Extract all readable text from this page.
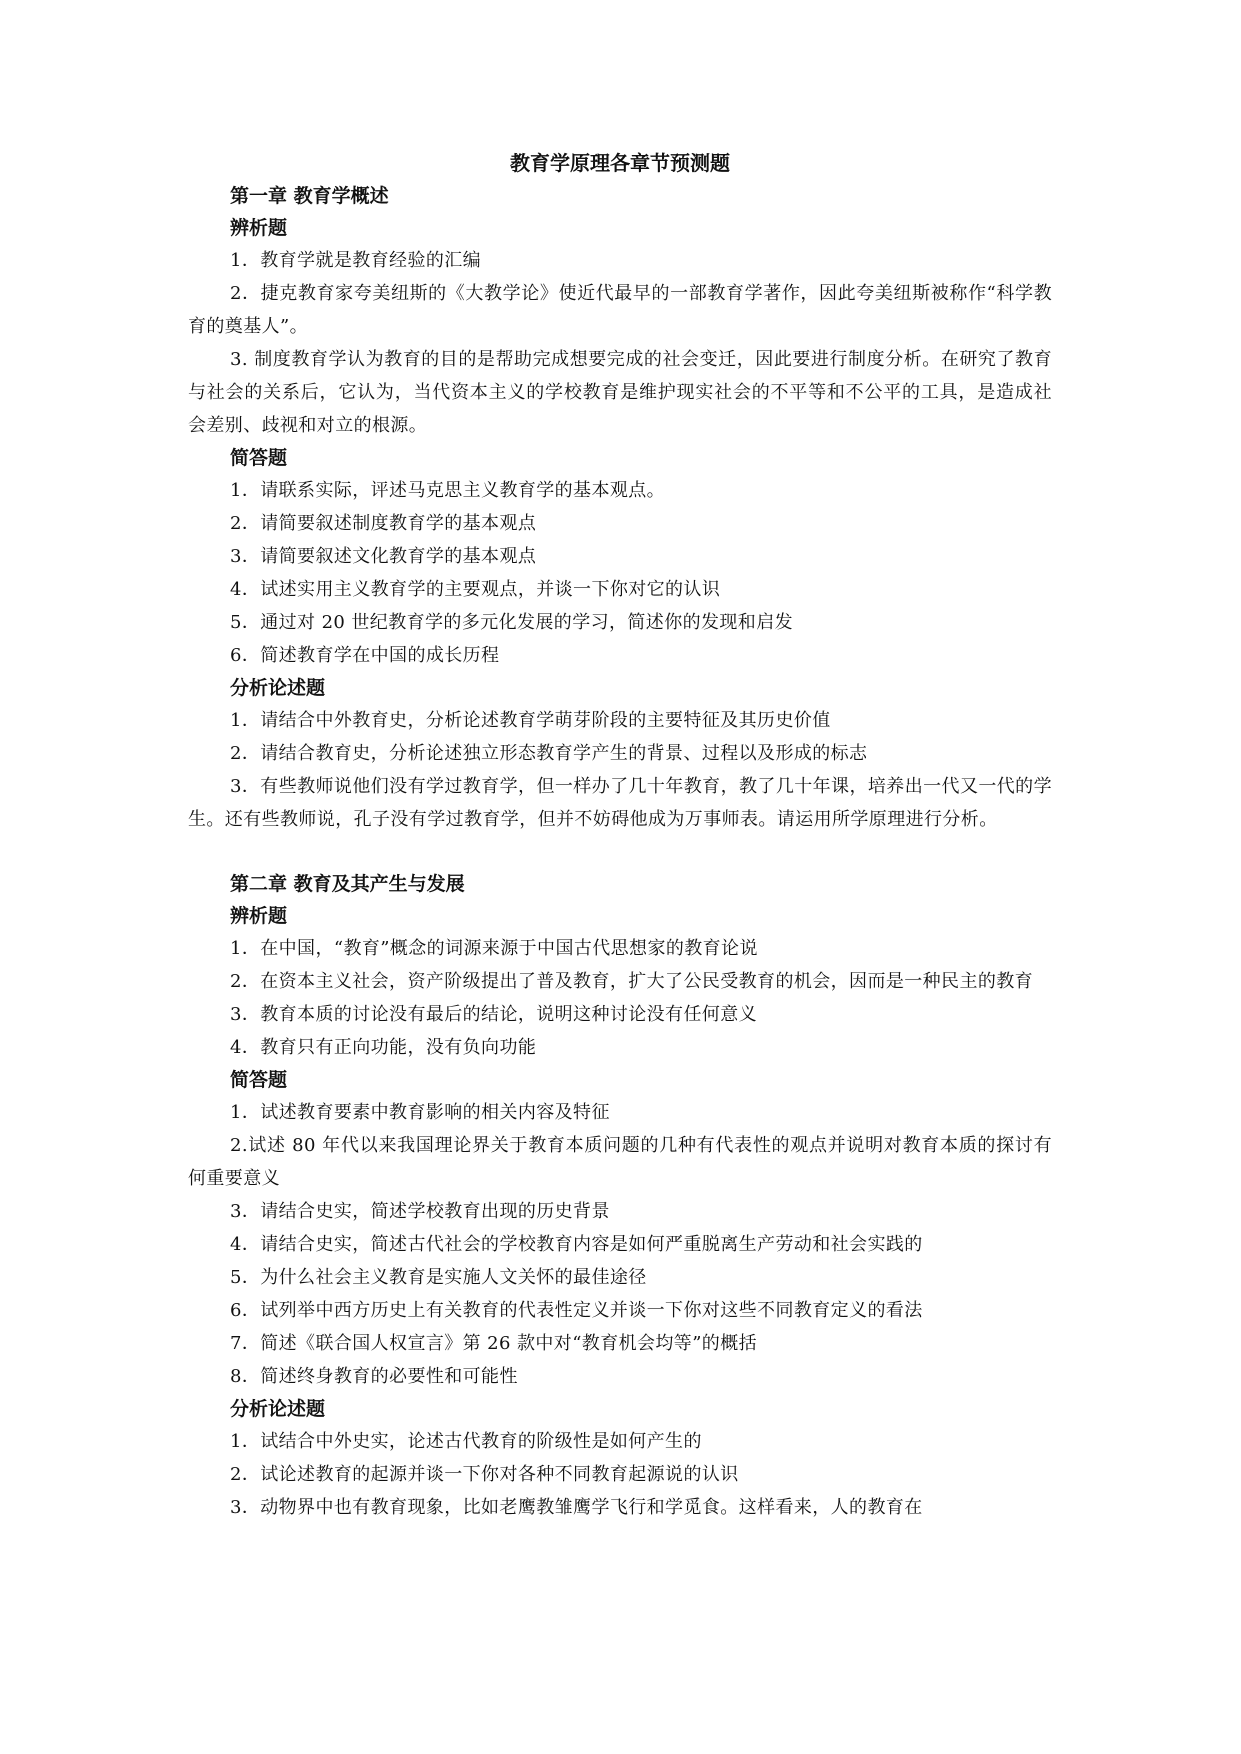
教育学原理各章节预测题
第一章 教育学概述
辨析题

1．教育学就是教育经验的汇编

2．捷克教育家夸美纽斯的《大教学论》使近代最早的一部教育学著作，因此夸美纽斯被称作“科学教育的奠基人”。

3. 制度教育学认为教育的目的是帮助完成想要完成的社会变迁，因此要进行制度分析。在研究了教育与社会的关系后，它认为，当代资本主义的学校教育是维护现实社会的不平等和不公平的工具，是造成社会差别、歧视和对立的根源。

简答题

1．请联系实际，评述马克思主义教育学的基本观点。

2．请简要叙述制度教育学的基本观点

3．请简要叙述文化教育学的基本观点

4．试述实用主义教育学的主要观点，并谈一下你对它的认识

5．通过对 20 世纪教育学的多元化发展的学习，简述你的发现和启发

6．简述教育学在中国的成长历程

分析论述题

1．请结合中外教育史，分析论述教育学萌芽阶段的主要特征及其历史价值

2．请结合教育史，分析论述独立形态教育学产生的背景、过程以及形成的标志

3．有些教师说他们没有学过教育学，但一样办了几十年教育，教了几十年课，培养出一代又一代的学生。还有些教师说，孔子没有学过教育学，但并不妨碍他成为万事师表。请运用所学原理进行分析。

第二章 教育及其产生与发展
辨析题

1．在中国，“教育”概念的词源来源于中国古代思想家的教育论说

2．在资本主义社会，资产阶级提出了普及教育，扩大了公民受教育的机会，因而是一种民主的教育

3．教育本质的讨论没有最后的结论，说明这种讨论没有任何意义

4．教育只有正向功能，没有负向功能

简答题

1．试述教育要素中教育影响的相关内容及特征

2.试述 80 年代以来我国理论界关于教育本质问题的几种有代表性的观点并说明对教育本质的探讨有何重要意义

3．请结合史实，简述学校教育出现的历史背景

4．请结合史实，简述古代社会的学校教育内容是如何严重脱离生产劳动和社会实践的

5．为什么社会主义教育是实施人文关怀的最佳途径

6．试列举中西方历史上有关教育的代表性定义并谈一下你对这些不同教育定义的看法

7．简述《联合国人权宣言》第 26 款中对“教育机会均等”的概括

8．简述终身教育的必要性和可能性

分析论述题

1．试结合中外史实，论述古代教育的阶级性是如何产生的

2．试论述教育的起源并谈一下你对各种不同教育起源说的认识

3．动物界中也有教育现象，比如老鹰教雏鹰学飞行和学觅食。这样看来，人的教育在
